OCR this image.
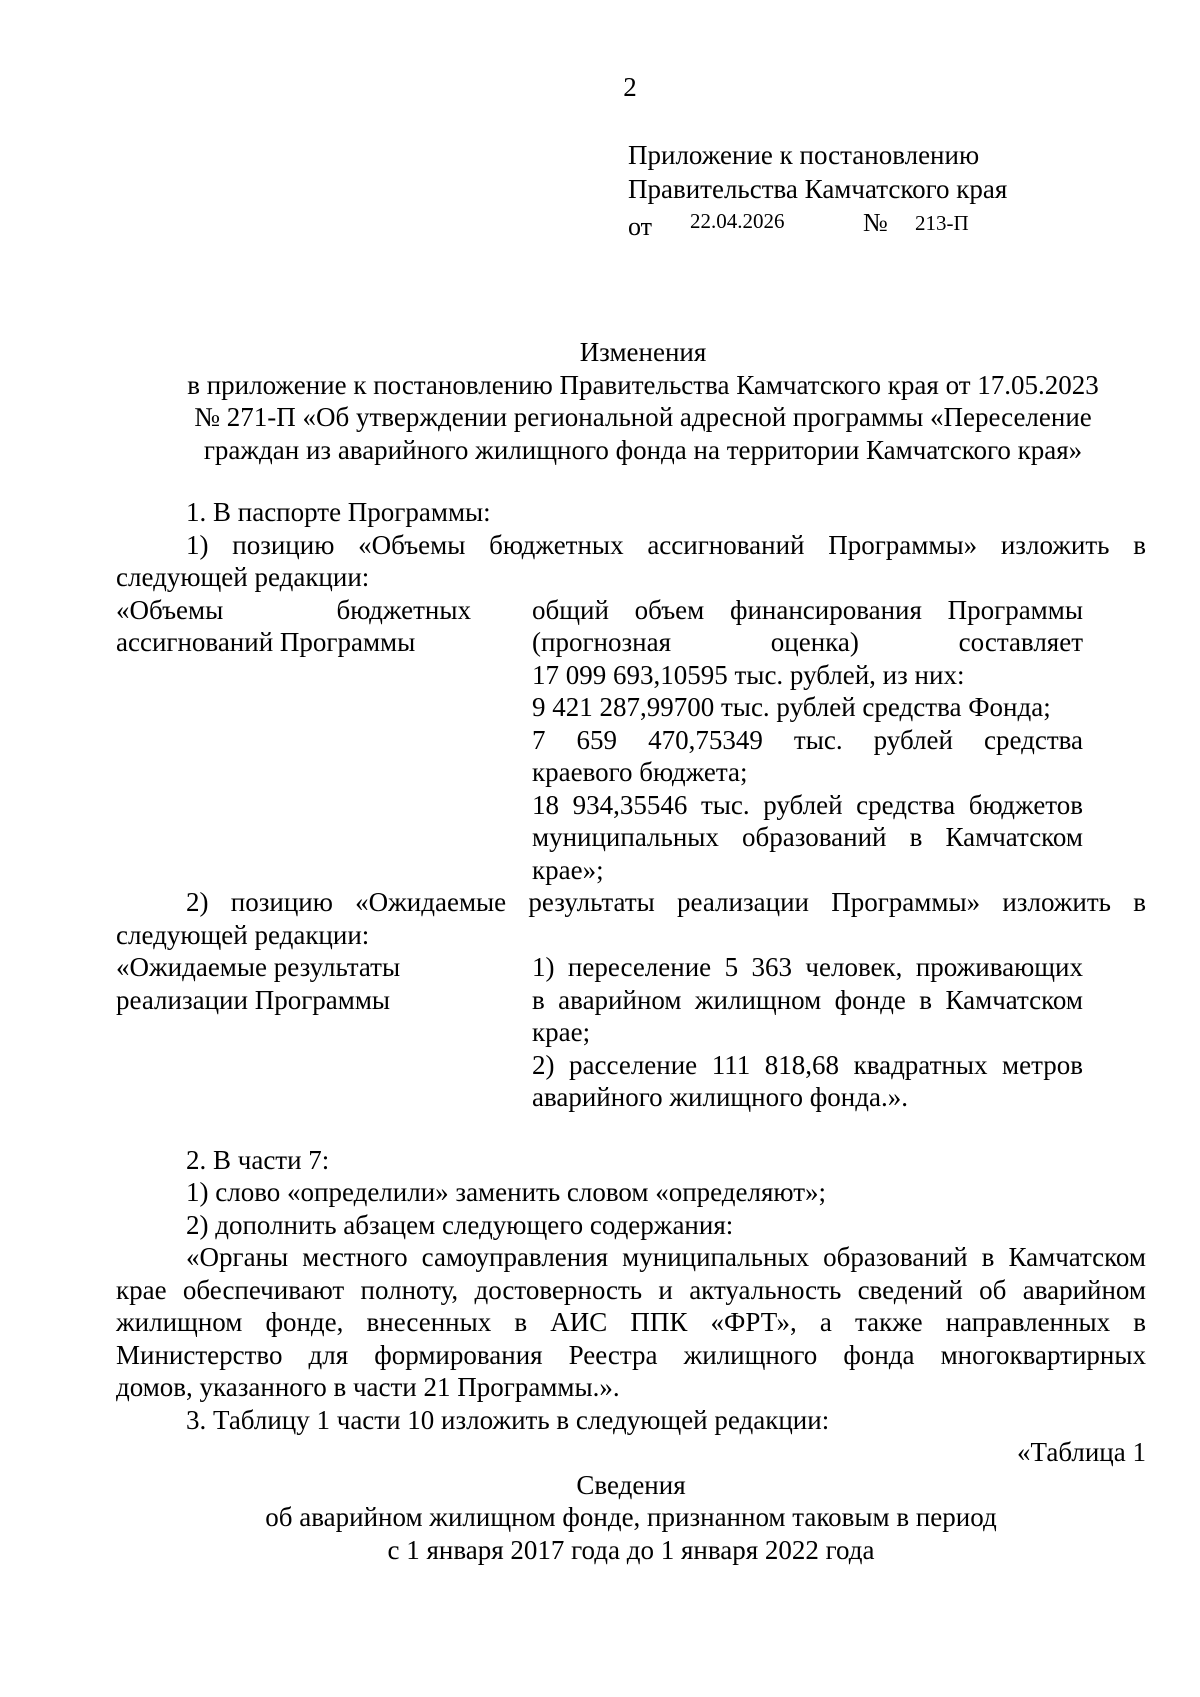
2
Приложение к постановлению
Правительства Камчатского края
от 22.04.2026	№ 213-П

Изменения

в приложение к постановлению Правительства Камчатского края от 17.05.2023

№ 271-П «Об утверждении региональной адресной программы «Переселение

граждан из аварийного жилищного фонда на территории Камчатского края»

1. В паспорте Программы:

1) позицию «Объемы бюджетных ассигнований Программы» изложить в

следующей редакции:

«Объемы бюджетных

ассигнований Программы

общий объем финансирования Программы

(прогнозная оценка) составляет

17 099 693,10595 тыс. рублей, из них:

9 421 287,99700 тыс. рублей средства Фонда;

7 659 470,75349 тыс. рублей средства

краевого бюджета;

18 934,35546 тыс. рублей средства бюджетов

муниципальных образований в Камчатском

крае»;

2) позицию «Ожидаемые результаты реализации Программы» изложить в

следующей редакции:

«Ожидаемые результаты

реализации Программы

1) переселение 5 363 человек, проживающих

в аварийном жилищном фонде в Камчатском

крае;

2) расселение 111 818,68 квадратных метров

аварийного жилищного фонда.».

2. В части 7:

1) слово «определили» заменить словом «определяют»;

2) дополнить абзацем следующего содержания:

«Органы местного самоуправления муниципальных образований в Камчатском

крае обеспечивают полноту, достоверность и актуальность сведений об аварийном

жилищном фонде, внесенных в АИС ППК «ФРТ», а также направленных в

Министерство для формирования Реестра жилищного фонда многоквартирных

домов, указанного в части 21 Программы.».

3. Таблицу 1 части 10 изложить в следующей редакции:

«Таблица 1

Сведения

об аварийном жилищном фонде, признанном таковым в период

с 1 января 2017 года до 1 января 2022 года
